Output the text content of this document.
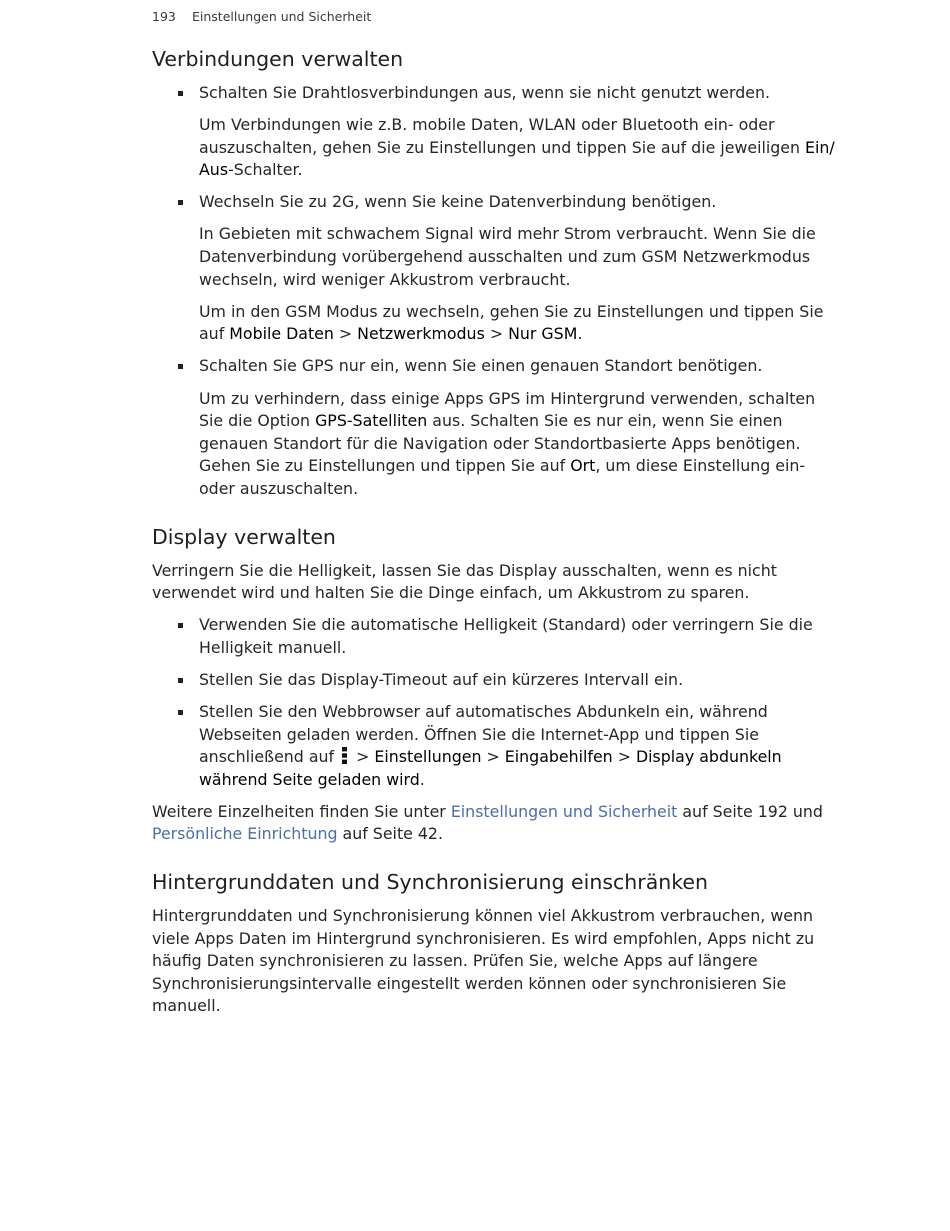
193 Einstellungen und Sicherheit
Verbindungen verwalten
Schalten Sie Drahtlosverbindungen aus, wenn sie nicht genutzt werden.

Um Verbindungen wie z.B. mobile Daten, WLAN oder Bluetooth ein- oder auszuschalten, gehen Sie zu Einstellungen und tippen Sie auf die jeweiligen Ein/ Aus-Schalter.

Wechseln Sie zu 2G, wenn Sie keine Datenverbindung benötigen.

In Gebieten mit schwachem Signal wird mehr Strom verbraucht. Wenn Sie die Datenverbindung vorübergehend ausschalten und zum GSM Netzwerkmodus wechseln, wird weniger Akkustrom verbraucht.

Um in den GSM Modus zu wechseln, gehen Sie zu Einstellungen und tippen Sie auf Mobile Daten > Netzwerkmodus > Nur GSM.

Schalten Sie GPS nur ein, wenn Sie einen genauen Standort benötigen.

Um zu verhindern, dass einige Apps GPS im Hintergrund verwenden, schalten Sie die Option GPS-Satelliten aus. Schalten Sie es nur ein, wenn Sie einen genauen Standort für die Navigation oder Standortbasierte Apps benötigen. Gehen Sie zu Einstellungen und tippen Sie auf Ort, um diese Einstellung ein- oder auszuschalten.

Display verwalten

Verringern Sie die Helligkeit, lassen Sie das Display ausschalten, wenn es nicht verwendet wird und halten Sie die Dinge einfach, um Akkustrom zu sparen.

Verwenden Sie die automatische Helligkeit (Standard) oder verringern Sie die Helligkeit manuell.
Stellen Sie das Display-Timeout auf ein kürzeres Intervall ein.
Stellen Sie den Webbrowser auf automatisches Abdunkeln ein, während Webseiten geladen werden. Öffnen Sie die Internet-App und tippen Sie anschließend auf
> Einstellungen > Eingabehilfen > Display abdunkeln während Seite geladen wird.

Weitere Einzelheiten finden Sie unter Einstellungen und Sicherheit auf Seite 192 und Persönliche Einrichtung auf Seite 42.

Hintergrunddaten und Synchronisierung einschränken

Hintergrunddaten und Synchronisierung können viel Akkustrom verbrauchen, wenn viele Apps Daten im Hintergrund synchronisieren. Es wird empfohlen, Apps nicht zu häufig Daten synchronisieren zu lassen. Prüfen Sie, welche Apps auf längere Synchronisierungsintervalle eingestellt werden können oder synchronisieren Sie manuell.
